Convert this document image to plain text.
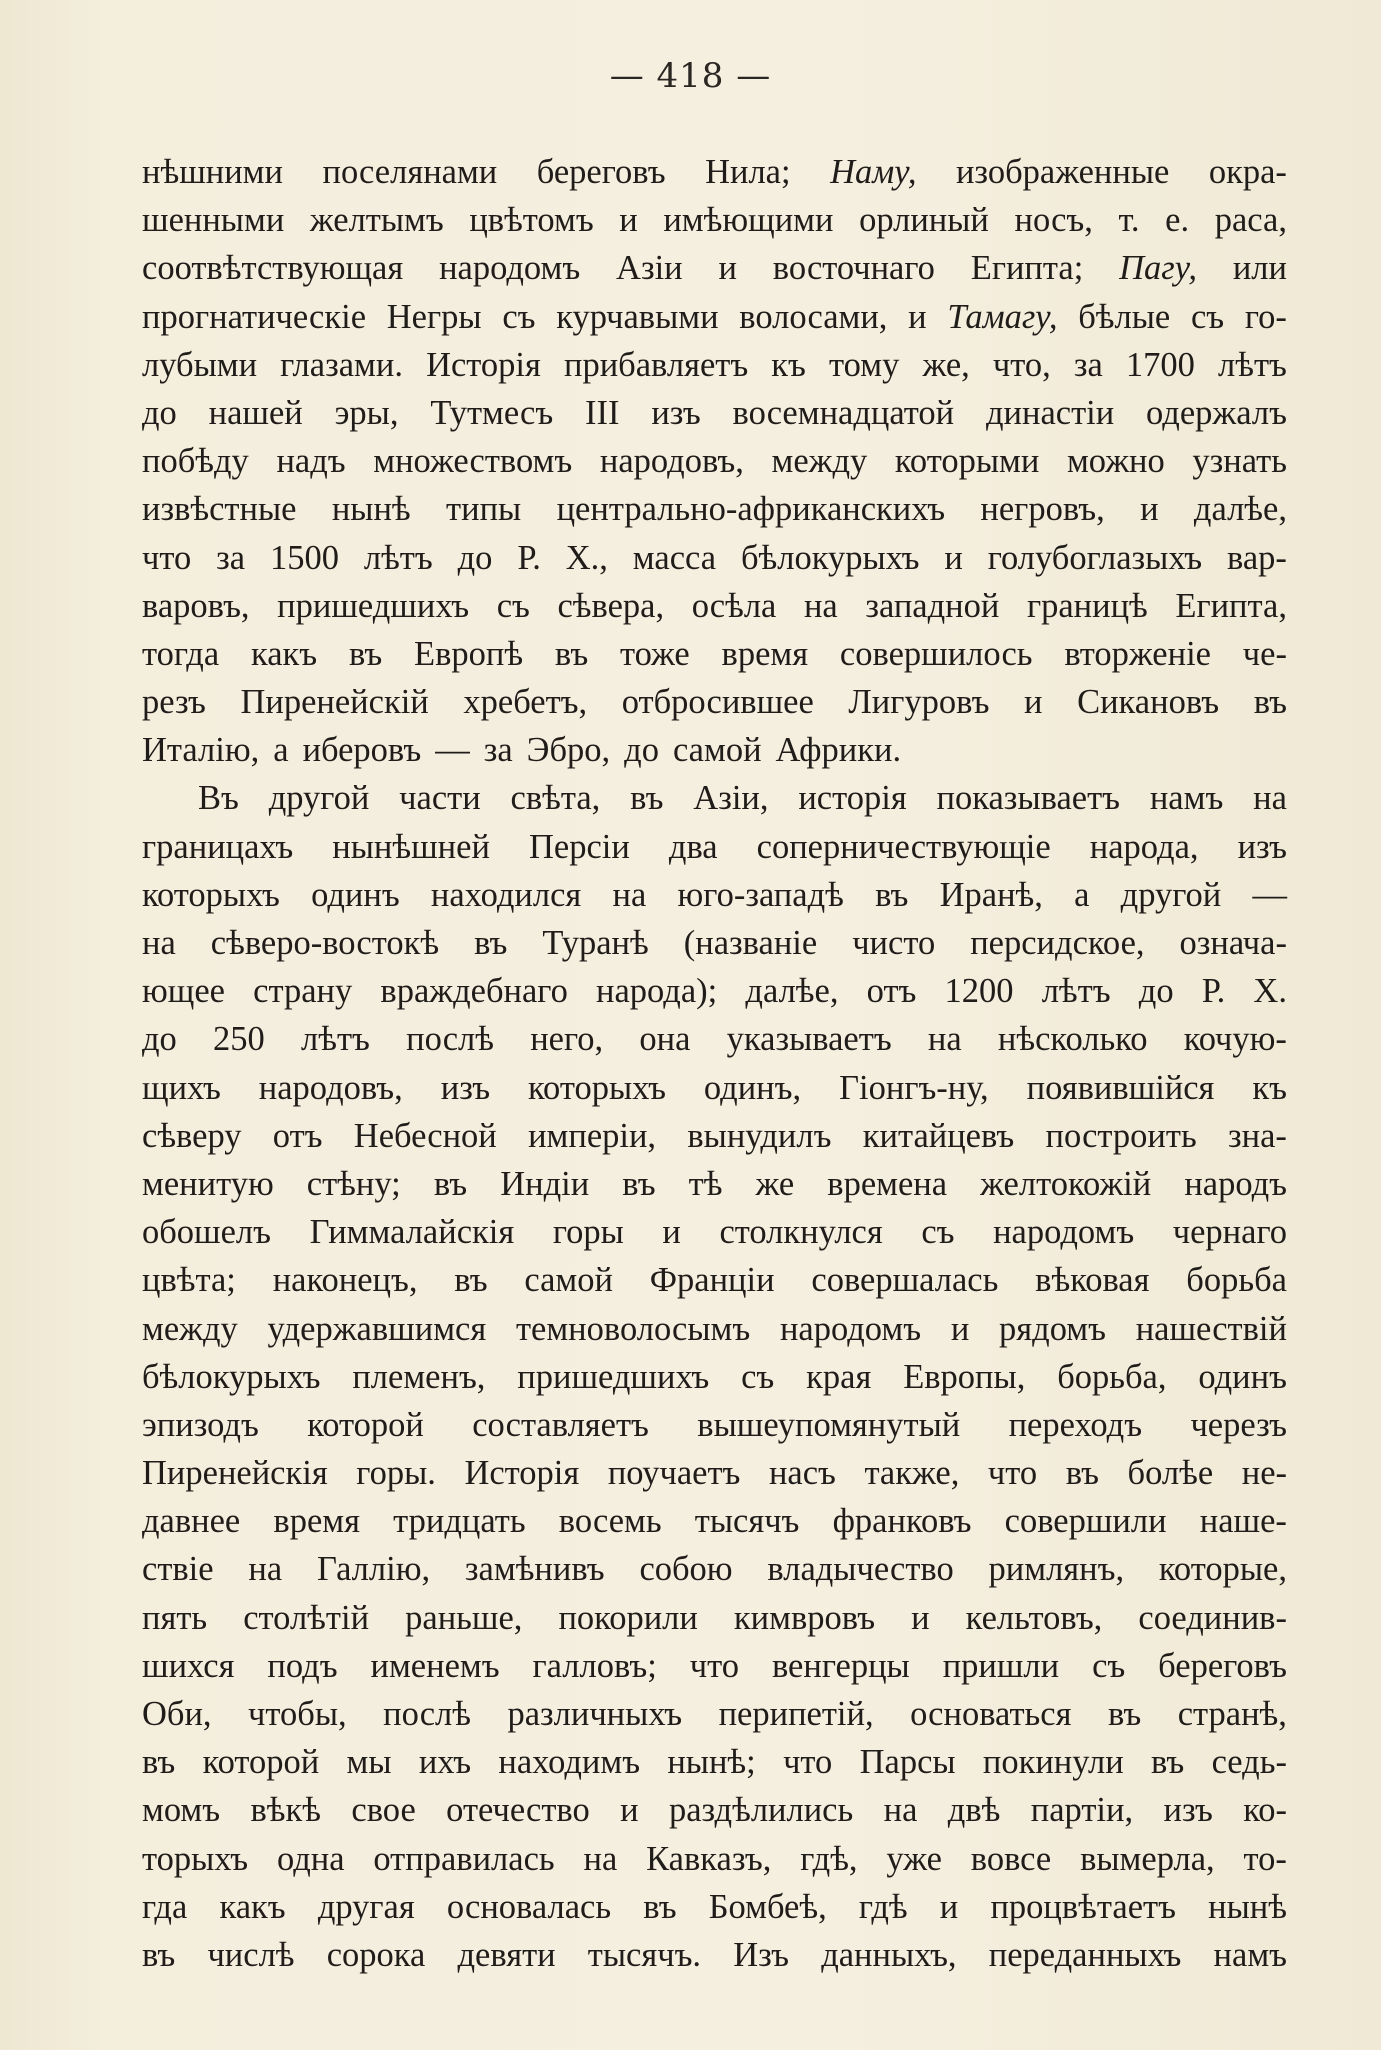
— 418 —
нѣшними поселянами береговъ Нила; Наму, изображенные окра-
шенными желтымъ цвѣтомъ и имѣющими орлиный носъ, т. е. раса,
соотвѣтствующая народомъ Азіи и восточнаго Египта; Пагу, или
прогнатическіе Негры съ курчавыми волосами, и Тамагу, бѣлые съ го-
лубыми глазами. Исторія прибавляетъ къ тому же, что, за 1700 лѣтъ
до нашей эры, Тутмесъ III изъ восемнадцатой династіи одержалъ
побѣду надъ множествомъ народовъ, между которыми можно узнать
извѣстные нынѣ типы центрально-африканскихъ негровъ, и далѣе,
что за 1500 лѣтъ до Р. Х., масса бѣлокурыхъ и голубоглазыхъ вар-
варовъ, пришедшихъ съ сѣвера, осѣла на западной границѣ Египта,
тогда какъ въ Европѣ въ тоже время совершилось вторженіе че-
резъ Пиренейскій хребетъ, отбросившее Лигуровъ и Сикановъ въ
Италію, а иберовъ — за Эбро, до самой Африки.
Въ другой части свѣта, въ Азіи, исторія показываетъ намъ на
границахъ нынѣшней Персіи два соперничествующіе народа, изъ
которыхъ одинъ находился на юго-западѣ въ Иранѣ, а другой —
на сѣверо-востокѣ въ Туранѣ (названіе чисто персидское, означа-
ющее страну враждебнаго народа); далѣе, отъ 1200 лѣтъ до Р. Х.
до 250 лѣтъ послѣ него, она указываетъ на нѣсколько кочую-
щихъ народовъ, изъ которыхъ одинъ, Гіонгъ-ну, появившійся къ
сѣверу отъ Небесной имперіи, вынудилъ китайцевъ построить зна-
менитую стѣну; въ Индіи въ тѣ же времена желтокожій народъ
обошелъ Гиммалайскія горы и столкнулся съ народомъ чернаго
цвѣта; наконецъ, въ самой Франціи совершалась вѣковая борьба
между удержавшимся темноволосымъ народомъ и рядомъ нашествій
бѣлокурыхъ племенъ, пришедшихъ съ края Европы, борьба, одинъ
эпизодъ которой составляетъ вышеупомянутый переходъ черезъ
Пиренейскія горы. Исторія поучаетъ насъ также, что въ болѣе не-
давнее время тридцать восемь тысячъ франковъ совершили наше-
ствіе на Галлію, замѣнивъ собою владычество римлянъ, которые,
пять столѣтій раньше, покорили кимвровъ и кельтовъ, соединив-
шихся подъ именемъ галловъ; что венгерцы пришли съ береговъ
Оби, чтобы, послѣ различныхъ перипетій, основаться въ странѣ,
въ которой мы ихъ находимъ нынѣ; что Парсы покинули въ седь-
момъ вѣкѣ свое отечество и раздѣлились на двѣ партіи, изъ ко-
торыхъ одна отправилась на Кавказъ, гдѣ, уже вовсе вымерла, то-
гда какъ другая основалась въ Бомбеѣ, гдѣ и процвѣтаетъ нынѣ
въ числѣ сорока девяти тысячъ. Изъ данныхъ, переданныхъ намъ
